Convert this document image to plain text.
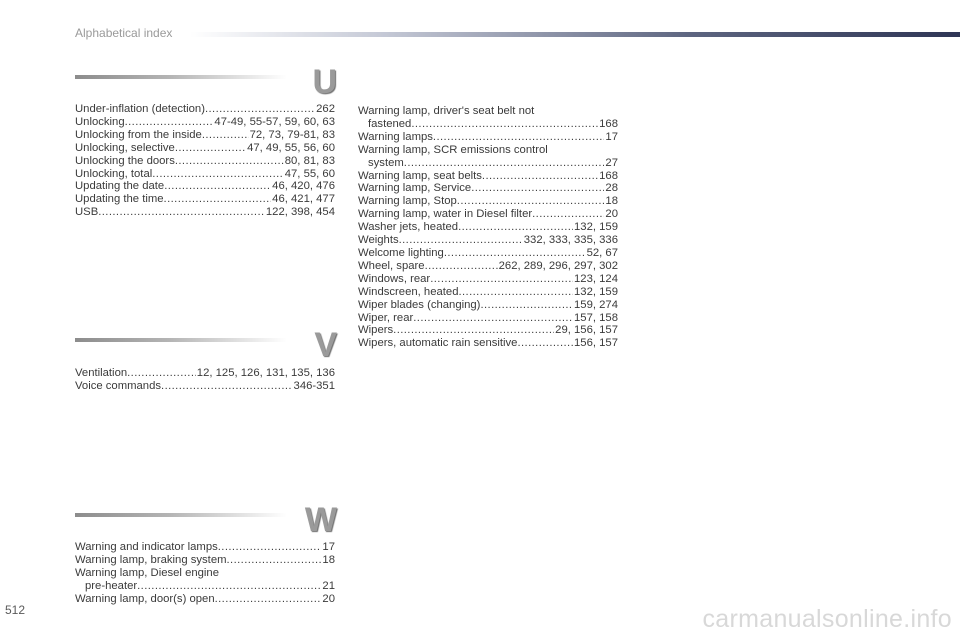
Alphabetical index
U
Under-inflation (detection) .....	262
Unlocking .....	47-49, 55-57, 59, 60, 63
Unlocking from the inside .....	72, 73, 79-81, 83
Unlocking, selective .....	47, 49, 55, 56, 60
Unlocking the doors .....	80, 81, 83
Unlocking, total .....	47, 55, 60
Updating the date .....	46, 420, 476
Updating the time .....	46, 421, 477
USB .....	122, 398, 454
V
Ventilation .....	12, 125, 126, 131, 135, 136
Voice commands .....	346-351
W
Warning and indicator lamps .....	17
Warning lamp, braking system .....	18
Warning lamp, Diesel engine
pre-heater .....	21
Warning lamp, door(s) open .....	20
Warning lamp, driver's seat belt not
fastened .....	168
Warning lamps .....	17
Warning lamp, SCR emissions control
system .....	27
Warning lamp, seat belts .....	168
Warning lamp, Service .....	28
Warning lamp, Stop .....	18
Warning lamp, water in Diesel filter .....	20
Washer jets, heated .....	132, 159
Weights .....	332, 333, 335, 336
Welcome lighting .....	52, 67
Wheel, spare .....	262, 289, 296, 297, 302
Windows, rear .....	123, 124
Windscreen, heated .....	132, 159
Wiper blades (changing) .....	159, 274
Wiper, rear .....	157, 158
Wipers .....	29, 156, 157
Wipers, automatic rain sensitive .....	156, 157
512	carmanualsonline.info
